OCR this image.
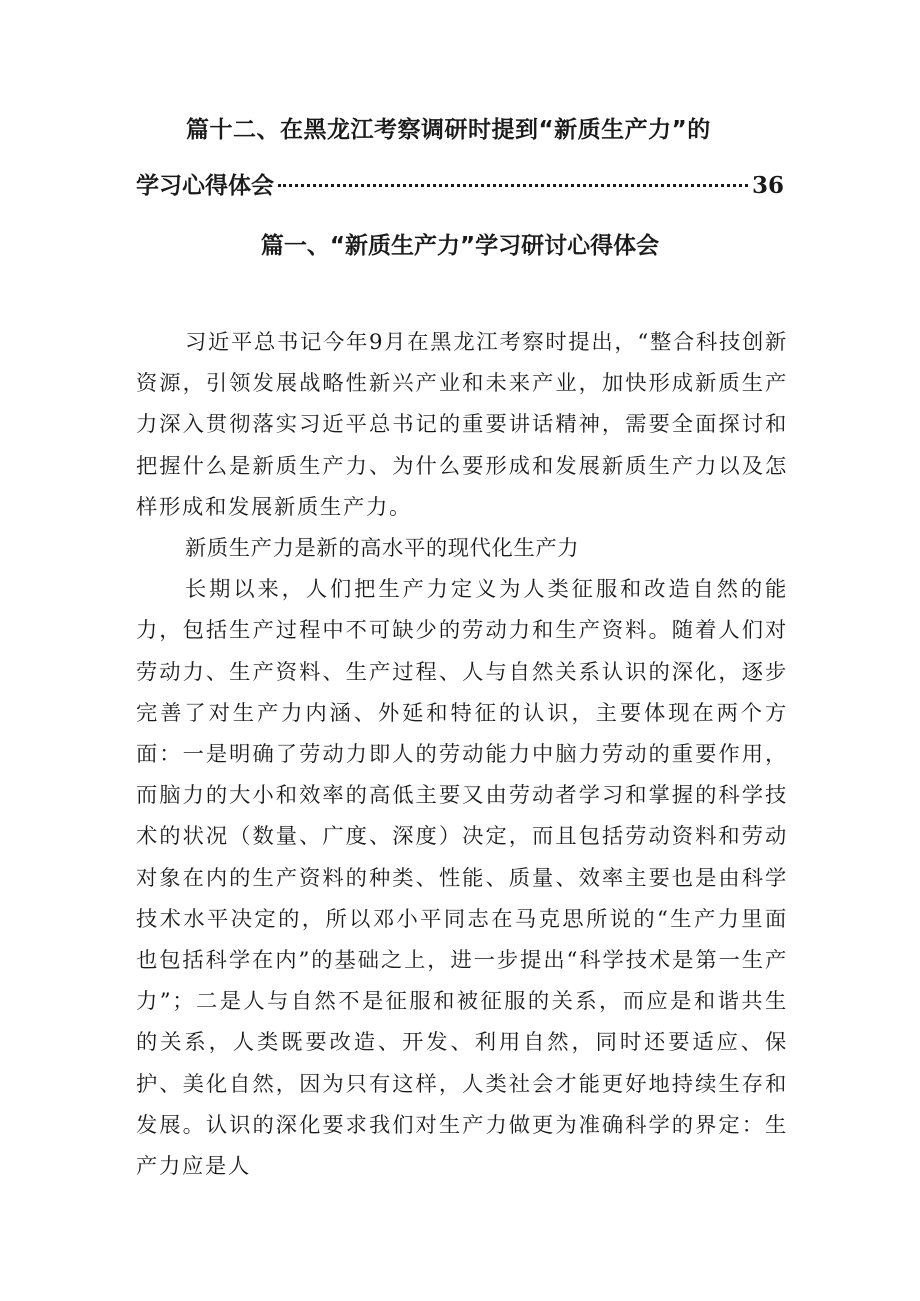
篇十二、在黑龙江考察调研时提到“新质生产力”的
学习心得体会	36
篇一、“新质生产力”学习研讨心得体会

习近平总书记今年9月在黑龙江考察时提出，“整合科技创新资源，引领发展战略性新兴产业和未来产业，加快形成新质生产力深入贯彻落实习近平总书记的重要讲话精神，需要全面探讨和把握什么是新质生产力、为什么要形成和发展新质生产力以及怎样形成和发展新质生产力。

新质生产力是新的高水平的现代化生产力

长期以来，人们把生产力定义为人类征服和改造自然的能力，包括生产过程中不可缺少的劳动力和生产资料。随着人们对劳动力、生产资料、生产过程、人与自然关系认识的深化，逐步完善了对生产力内涵、外延和特征的认识，主要体现在两个方面：一是明确了劳动力即人的劳动能力中脑力劳动的重要作用，而脑力的大小和效率的高低主要又由劳动者学习和掌握的科学技术的状况（数量、广度、深度）决定，而且包括劳动资料和劳动对象在内的生产资料的种类、性能、质量、效率主要也是由科学技术水平决定的，所以邓小平同志在马克思所说的“生产力里面也包括科学在内”的基础之上，进一步提出“科学技术是第一生产力”；二是人与自然不是征服和被征服的关系，而应是和谐共生的关系，人类既要改造、开发、利用自然，同时还要适应、保护、美化自然，因为只有这样，人类社会才能更好地持续生存和发展。认识的深化要求我们对生产力做更为准确科学的界定：生产力应是人
